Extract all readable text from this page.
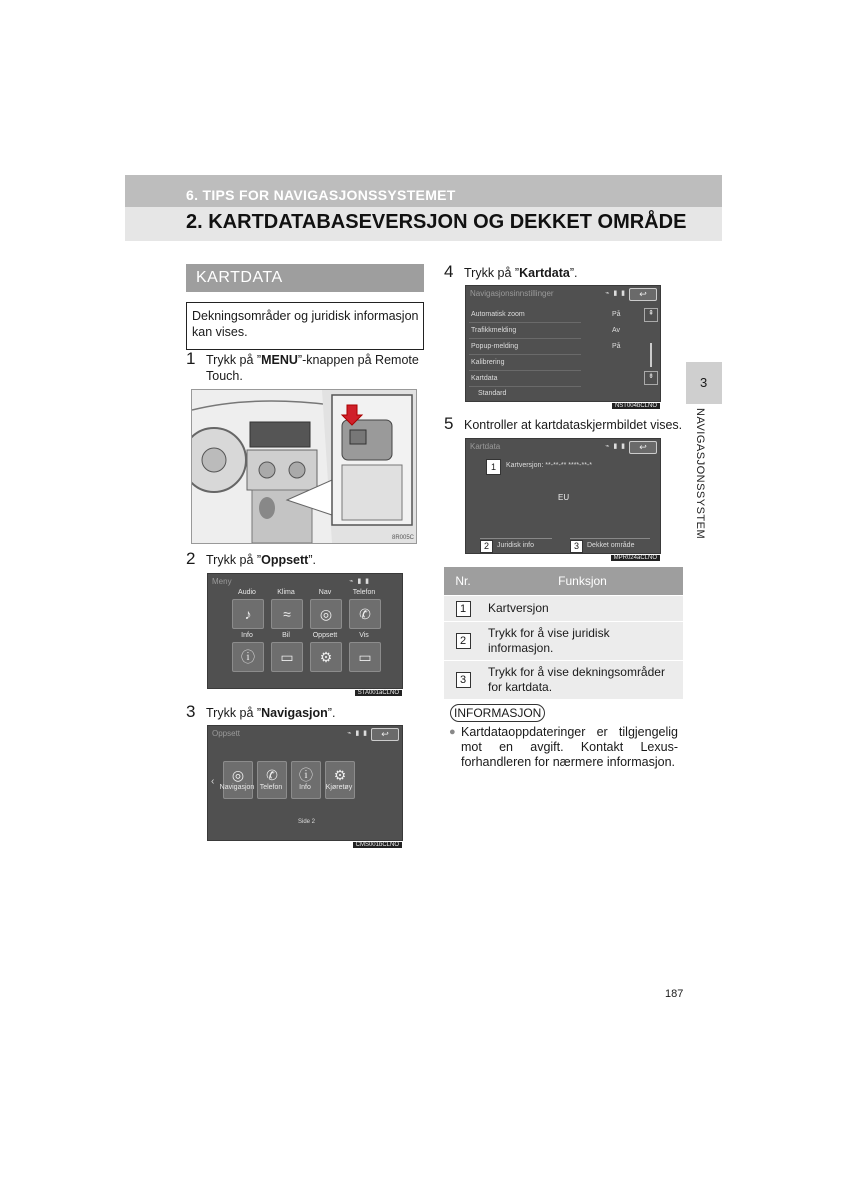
6. TIPS FOR NAVIGASJONSSYSTEMET
2. KARTDATABASEVERSJON OG DEKKET OMRÅDE
3
NAVIGASJONSSYSTEM
KARTDATA
Dekningsområder og juridisk informasjon kan vises.
1 Trykk på ”MENU”-knappen på Remote Touch.
8R005C
2 Trykk på ”Oppsett”.
Meny	⌁ ▮ ▮
Audio	Klima	Nav	Telefon
♪	≈	◎	✆
Info	Bil	Oppsett	Vis
ⓘ	▭	⚙	▭
STA001aCLNO
3 Trykk på ”Navigasjon”.
Oppsett	⌁ ▮ ▮	↩
‹	◎	✆	ⓘ	⚙
Navigasjon Telefon	Info	Kjøretøy
Side 2
CMS001bCLNO
4 Trykk på ”Kartdata”.
Navigasjonsinnstillinger	⌁ ▮ ▮	↩
Automatisk zoom	På
Trafikkmelding	Av
Popup-melding	På
Kalibrering
Kartdata
Standard
⇞
⇟
NST004bCLNO
5 Kontroller at kartdataskjermbildet vises.
Kartdata	⌁ ▮ ▮	↩
1	Kartversjon: **-**-** ****-**-*
EU
2	Juridisk info	3	Dekket område
MPR024aCLNO
Nr.	Funksjon
1	Kartversjon
2	Trykk for å vise juridisk informasjon.
3	Trykk for å vise dekningsområder for kartdata.
INFORMASJON
● Kartdataoppdateringer er tilgjengelig mot en avgift. Kontakt Lexus-forhandleren for nærmere informasjon.
187
